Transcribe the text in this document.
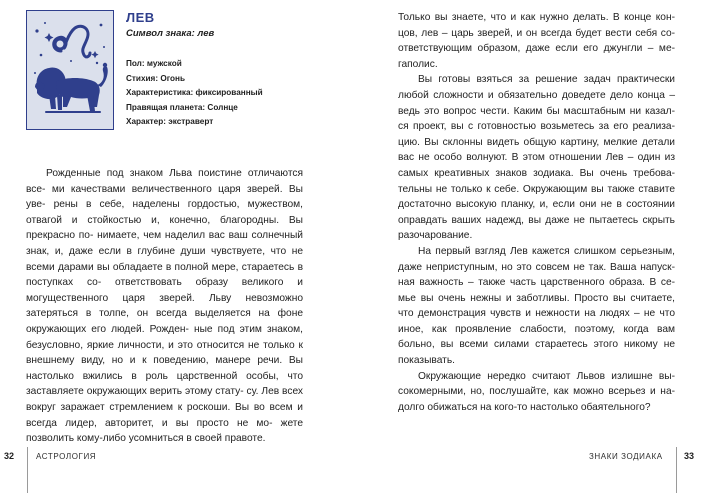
ЛЕВ
Символ знака: лев
Пол: мужской
Стихия: Огонь
Характеристика: фиксированный
Правящая планета: Солнце
Характер: экстраверт

Рожденные под знаком Льва поистине отличаются все- ми качествами величественного царя зверей. Вы уве- рены в себе, наделены гордостью, мужеством, отвагой и стойкостью и, конечно, благородны. Вы прекрасно по- нимаете, чем наделил вас ваш солнечный знак, и, даже если в глубине души чувствуете, что не всеми дарами вы обладаете в полной мере, стараетесь в поступках со- ответствовать образу великого и могущественного царя зверей. Льву невозможно затеряться в толпе, он всегда выделяется на фоне окружающих его людей. Рожден- ные под этим знаком, безусловно, яркие личности, и это относится не только к внешнему виду, но и к поведению, манере речи. Вы настолько вжились в роль царственной особы, что заставляете окружающих верить этому стату- су. Лев всех вокруг заражает стремлением к роскоши. Вы во всем и всегда лидер, авторитет, и вы просто не мо- жете позволить кому-либо усомниться в своей правоте.

Только вы знаете, что и как нужно делать. В конце кон- цов, лев – царь зверей, и он всегда будет вести себя со- ответствующим образом, даже если его джунгли – ме- гаполис.

Вы готовы взяться за решение задач практически любой сложности и обязательно доведете дело конца – ведь это вопрос чести. Каким бы масштабным ни казал- ся проект, вы с готовностью возьметесь за его реализа- цию. Вы склонны видеть общую картину, мелкие детали вас не особо волнуют. В этом отношении Лев – один из самых креативных знаков зодиака. Вы очень требова- тельны не только к себе. Окружающим вы также ставите достаточно высокую планку, и, если они не в состоянии оправдать ваших надежд, вы даже не пытаетесь скрыть разочарование.

На первый взгляд Лев кажется слишком серьезным, даже неприступным, но это совсем не так. Ваша напуск- ная важность – также часть царственного образа. В се- мье вы очень нежны и заботливы. Просто вы считаете, что демонстрация чувств и нежности на людях – не что иное, как проявление слабости, поэтому, когда вам больно, вы всеми силами стараетесь этого никому не показывать.

Окружающие нередко считают Львов излишне вы- сокомерными, но, послушайте, как можно всерьез и на- долго обижаться на кого-то настолько обаятельного?

32	АСТРОЛОГИЯ	ЗНАКИ ЗОДИАКА 33
